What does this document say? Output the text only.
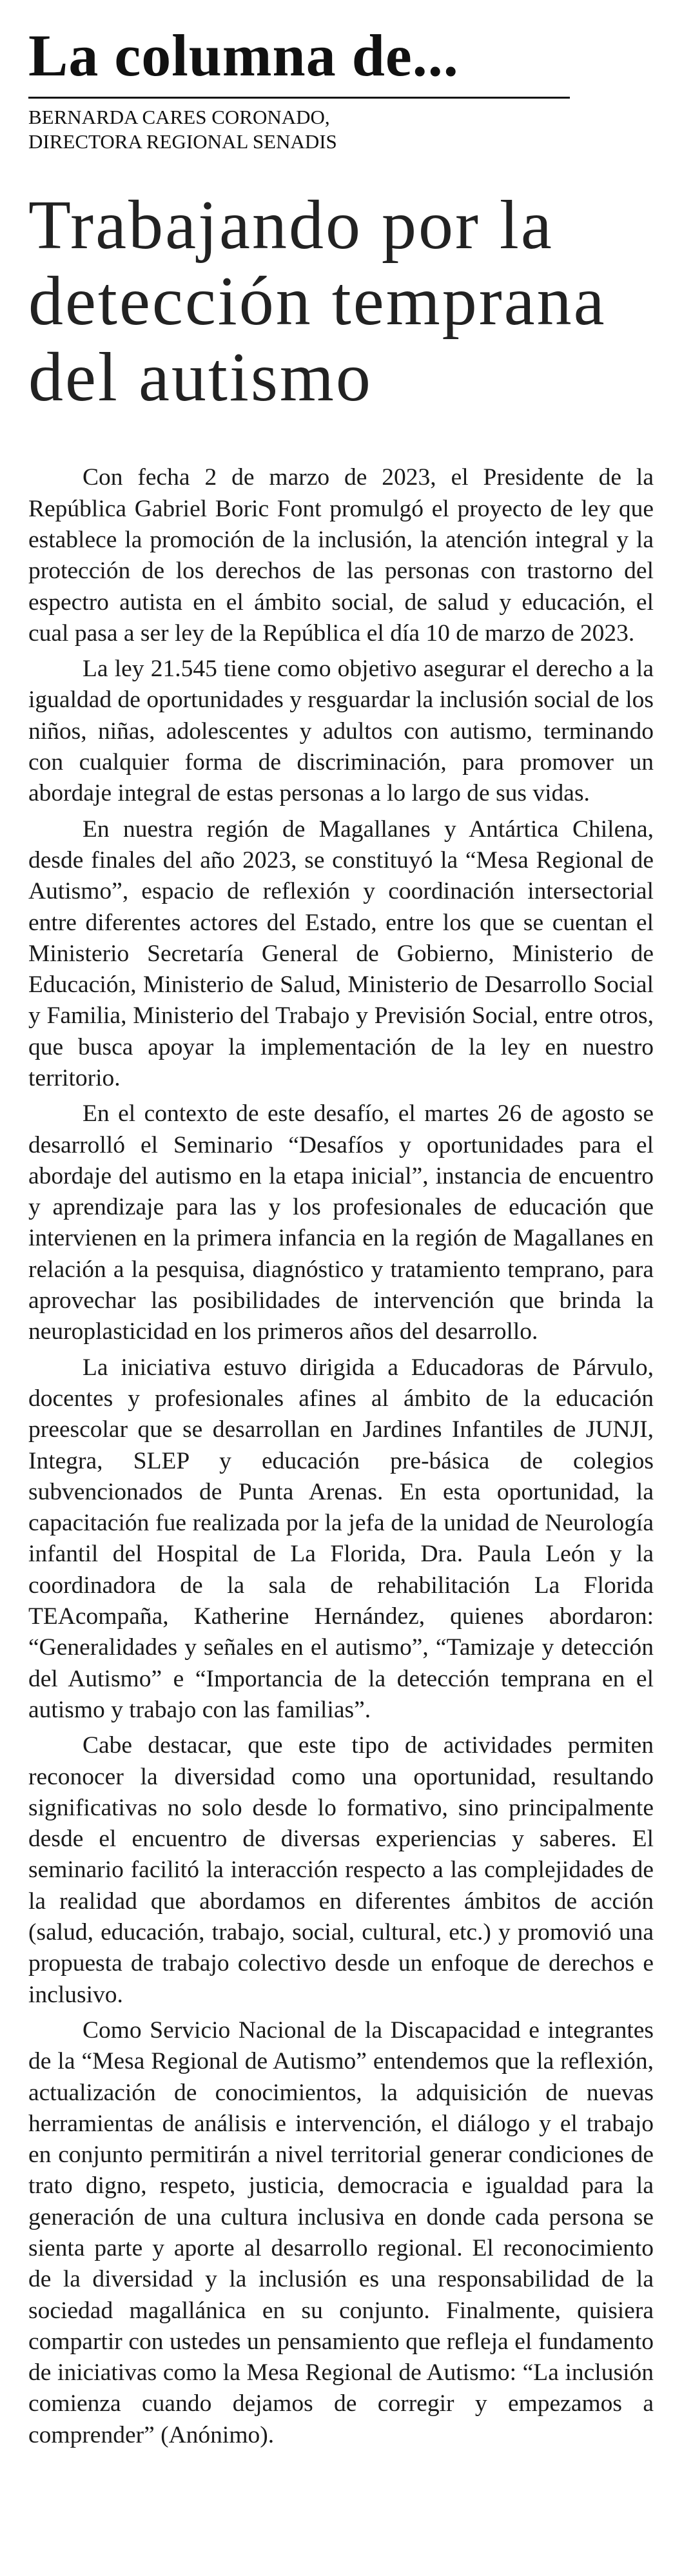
La columna de...
BERNARDA CARES CORONADO,
DIRECTORA REGIONAL SENADIS
Trabajando por la
detección temprana
del autismo

Con fecha 2 de marzo de 2023, el Presidente de la República Gabriel Boric Font promulgó el proyecto de ley que establece la promoción de la inclusión, la atención integral y la protección de los derechos de las personas con trastorno del espectro autista en el ámbito social, de salud y educación, el cual pasa a ser ley de la República el día 10 de marzo de 2023.

La ley 21.545 tiene como objetivo asegurar el derecho a la igualdad de oportunidades y resguardar la inclusión social de los niños, niñas, adolescentes y adultos con autismo, terminando con cualquier forma de discriminación, para promover un abordaje integral de estas personas a lo largo de sus vidas.

En nuestra región de Magallanes y Antártica Chilena, desde finales del año 2023, se constituyó la “Mesa Regional de Autismo”, espacio de reflexión y coordinación intersectorial entre diferentes actores del Estado, entre los que se cuentan el Ministerio Secretaría General de Gobierno, Ministerio de Educación, Ministerio de Salud, Ministerio de Desarrollo Social y Familia, Ministerio del Trabajo y Previsión Social, entre otros, que busca apoyar la implementación de la ley en nuestro territorio.

En el contexto de este desafío, el martes 26 de agosto se desarrolló el Seminario “Desafíos y oportunidades para el abordaje del autismo en la etapa inicial”, instancia de encuentro y aprendizaje para las y los profesionales de educación que intervienen en la primera infancia en la región de Magallanes en relación a la pesquisa, diagnóstico y tratamiento temprano, para aprovechar las posibilidades de intervención que brinda la neuroplasticidad en los primeros años del desarrollo.

La iniciativa estuvo dirigida a Educadoras de Párvulo, docentes y profesionales afines al ámbito de la educación preescolar que se desarrollan en Jardines Infantiles de JUNJI, Integra, SLEP y educación pre-básica de colegios subvencionados de Punta Arenas. En esta oportunidad, la capacitación fue realizada por la jefa de la unidad de Neurología infantil del Hospital de La Florida, Dra. Paula León y la coordinadora de la sala de rehabilitación La Florida TEAcompaña, Katherine Hernández, quienes abordaron: “Generalidades y señales en el autismo”, “Tamizaje y detección del Autismo” e “Importancia de la detección temprana en el autismo y trabajo con las familias”.

Cabe destacar, que este tipo de actividades permiten reconocer la diversidad como una oportunidad, resultando significativas no solo desde lo formativo, sino principalmente desde el encuentro de diversas experiencias y saberes. El seminario facilitó la interacción respecto a las complejidades de la realidad que abordamos en diferentes ámbitos de acción (salud, educación, trabajo, social, cultural, etc.) y promovió una propuesta de trabajo colectivo desde un enfoque de derechos e inclusivo.

Como Servicio Nacional de la Discapacidad e integrantes de la “Mesa Regional de Autismo” entendemos que la reflexión, actualización de conocimientos, la adquisición de nuevas herramientas de análisis e intervención, el diálogo y el trabajo en conjunto permitirán a nivel territorial generar condiciones de trato digno, respeto, justicia, democracia e igualdad para la generación de una cultura inclusiva en donde cada persona se sienta parte y aporte al desarrollo regional. El reconocimiento de la diversidad y la inclusión es una responsabilidad de la sociedad magallánica en su conjunto. Finalmente, quisiera compartir con ustedes un pensamiento que refleja el fundamento de iniciativas como la Mesa Regional de Autismo: “La inclusión comienza cuando dejamos de corregir y empezamos a comprender” (Anónimo).
